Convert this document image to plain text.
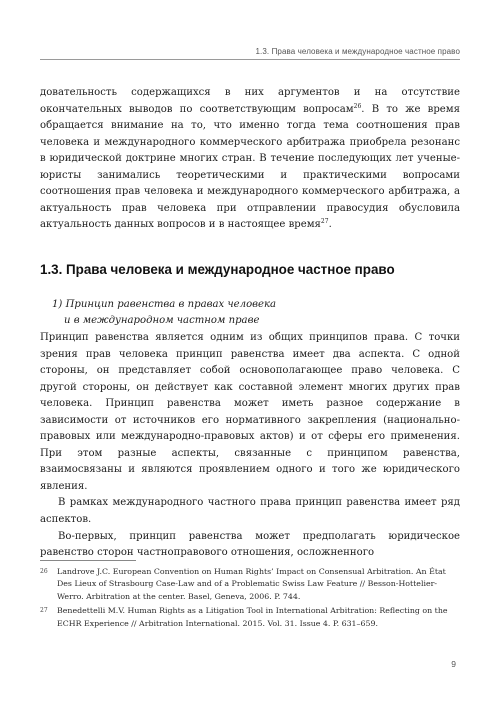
1.3. Права человека и международное частное право

довательность содержащихся в них аргументов и на отсутствие окончательных выводов по соответствующим вопросам$^{26}$. В то же время обращается внимание на то, что именно тогда тема соотношения прав человека и международного коммерческого арбитража приобрела резонанс в юридической доктрине многих стран. В течение последующих лет ученые-юристы занимались теоретическими и практическими вопросами соотношения прав человека и международного коммерческого арбитража, а актуальность прав человека при отправлении правосудия обусловила актуальность данных вопросов и в настоящее время$^{27}$.

1.3. Права человека и международное частное право
1) Принцип равенства в правах человека
и в международном частном праве

Принцип равенства является одним из общих принципов права. С точки зрения прав человека принцип равенства имеет два аспекта. С одной стороны, он представляет собой основополагающее право человека. С другой стороны, он действует как составной элемент многих других прав человека. Принцип равенства может иметь разное содержание в зависимости от источников его нормативного закрепления (национально-правовых или международно-правовых актов) и от сферы его применения. При этом разные аспекты, связанные с принципом равенства, взаимосвязаны и являются проявлением одного и того же юридического явления.

В рамках международного частного права принцип равенства имеет ряд аспектов.

Во-первых, принцип равенства может предполагать юридическое равенство сторон частноправового отношения, осложненного

26	Landrove J.C. European Convention on Human Rights’ Impact on Consensual Arbitration. An État Des Lieux of Strasbourg Case-Law and of a Problematic Swiss Law Feature // Besson-Hottelier-Werro. Arbitration at the center. Basel, Geneva, 2006. P. 744.
27	Benedettelli M.V. Human Rights as a Litigation Tool in International Arbitration: Reflecting on the ECHR Experience // Arbitration International. 2015. Vol. 31. Issue 4. P. 631–659.
9
